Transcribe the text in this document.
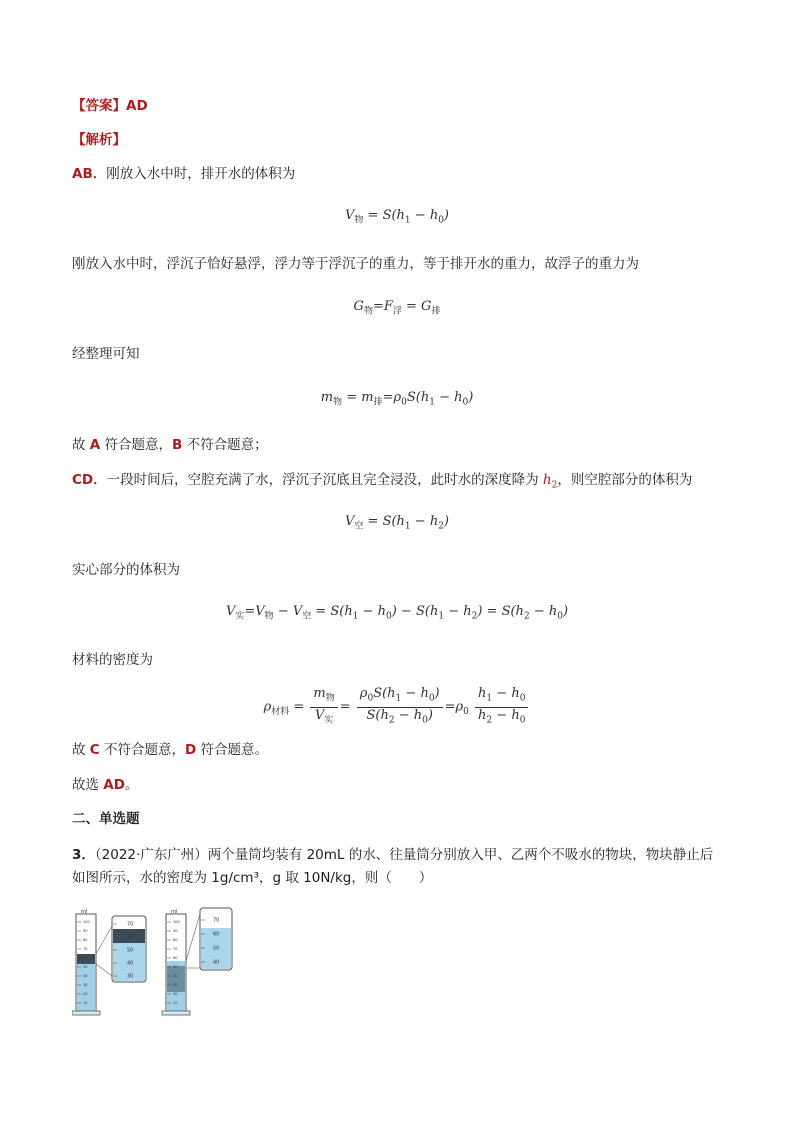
【答案】AD
【解析】
AB．刚放入水中时，排开水的体积为
$V_物 = S(h_1 - h_0)$
刚放入水中时，浮沉子恰好悬浮，浮力等于浮沉子的重力，等于排开水的重力，故浮子的重力为
$G_物=F_浮 = G_排$
经整理可知
$m_物 = m_排=\rho_0S(h_1 - h_0)$
故 A 符合题意，B 不符合题意；
CD．一段时间后，空腔充满了水，浮沉子沉底且完全浸没，此时水的深度降为 $h_2$，则空腔部分的体积为
$V_空 = S(h_1 - h_2)$
实心部分的体积为
$V_实=V_物 - V_空 = S(h_1 - h_0) - S(h_1 - h_2) = S(h_2 - h_0)$
材料的密度为
$\rho_{材料} = \frac{m_物}{V_实} = \frac{\rho_0S(h_1 - h_0)}{S(h_2 - h_0)} =\rho_0 \frac{h_1 - h_0}{h_2 - h_0}$
故 C 不符合题意，D 符合题意。
故选 AD。
二、单选题
3．（2022·广东广州）两个量筒均装有 20mL 的水、往量筒分别放入甲、乙两个不吸水的物块，物块静止后
如图所示，水的密度为 1g/cm³，g 取 10N/kg，则（　　）
ml
100
90
80
70
60
50
40
30
20
10
70
60
50
40
30
ml
100
90
80
70
60
50
40
30
20
10
70
60
50
40
